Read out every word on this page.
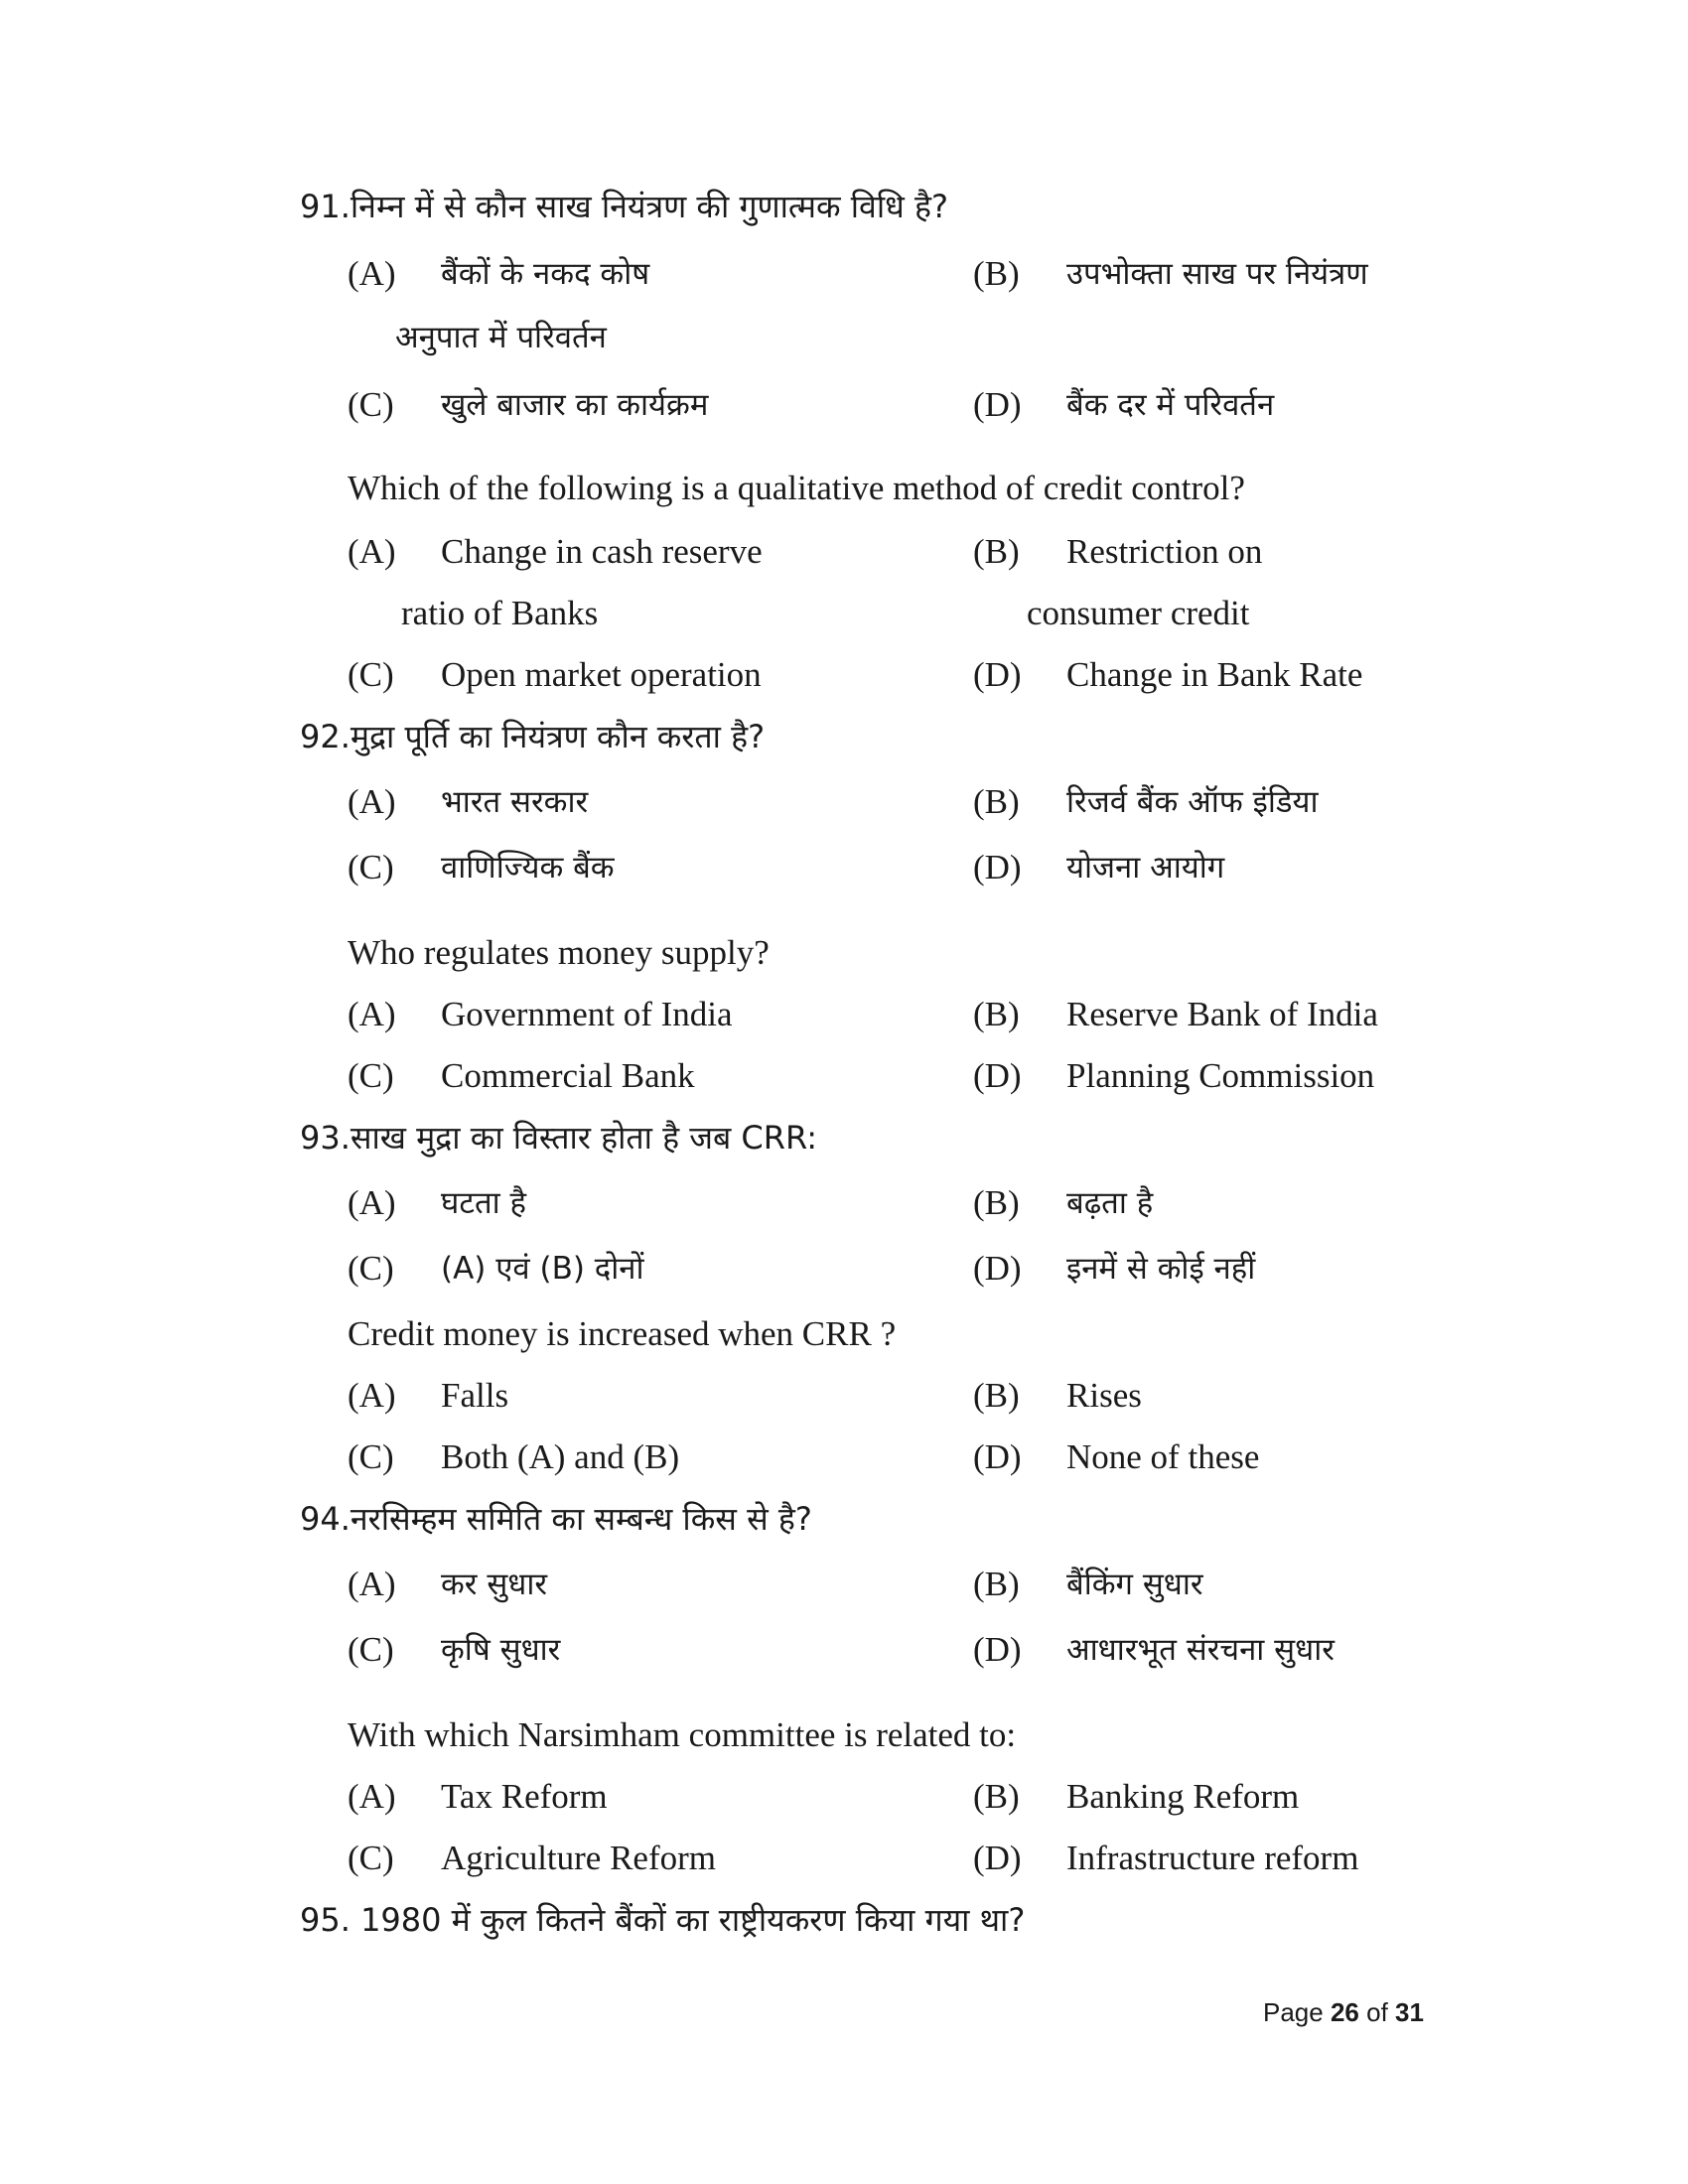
91.निम्न में से कौन साख नियंत्रण की गुणात्मक विधि है?
(A) बैंकों के नकद कोष	(B) उपभोक्ता साख पर नियंत्रण
अनुपात में परिवर्तन
(C) खुले बाजार का कार्यक्रम	(D) बैंक दर में परिवर्तन
Which of the following is a qualitative method of credit control?
(A) Change in cash reserve	(B) Restriction on
ratio of Banks	consumer credit
(C) Open market operation	(D) Change in Bank Rate
92.मुद्रा पूर्ति का नियंत्रण कौन करता है?
(A) भारत सरकार	(B) रिजर्व बैंक ऑफ इंडिया
(C) वाणिज्यिक बैंक	(D) योजना आयोग
Who regulates money supply?
(A) Government of India	(B) Reserve Bank of India
(C) Commercial Bank	(D) Planning Commission
93.साख मुद्रा का विस्तार होता है जब CRR:
(A) घटता है	(B) बढ़ता है
(C) (A) एवं (B) दोनों	(D) इनमें से कोई नहीं
Credit money is increased when CRR ?
(A) Falls	(B) Rises
(C) Both (A) and (B)	(D) None of these
94.नरसिम्हम समिति का सम्बन्ध किस से है?
(A) कर सुधार	(B) बैंकिंग सुधार
(C) कृषि सुधार	(D) आधारभूत संरचना सुधार
With which Narsimham committee is related to:
(A) Tax Reform	(B) Banking Reform
(C) Agriculture Reform	(D) Infrastructure reform
95. 1980 में कुल कितने बैंकों का राष्ट्रीयकरण किया गया था?
Page 26 of 31
